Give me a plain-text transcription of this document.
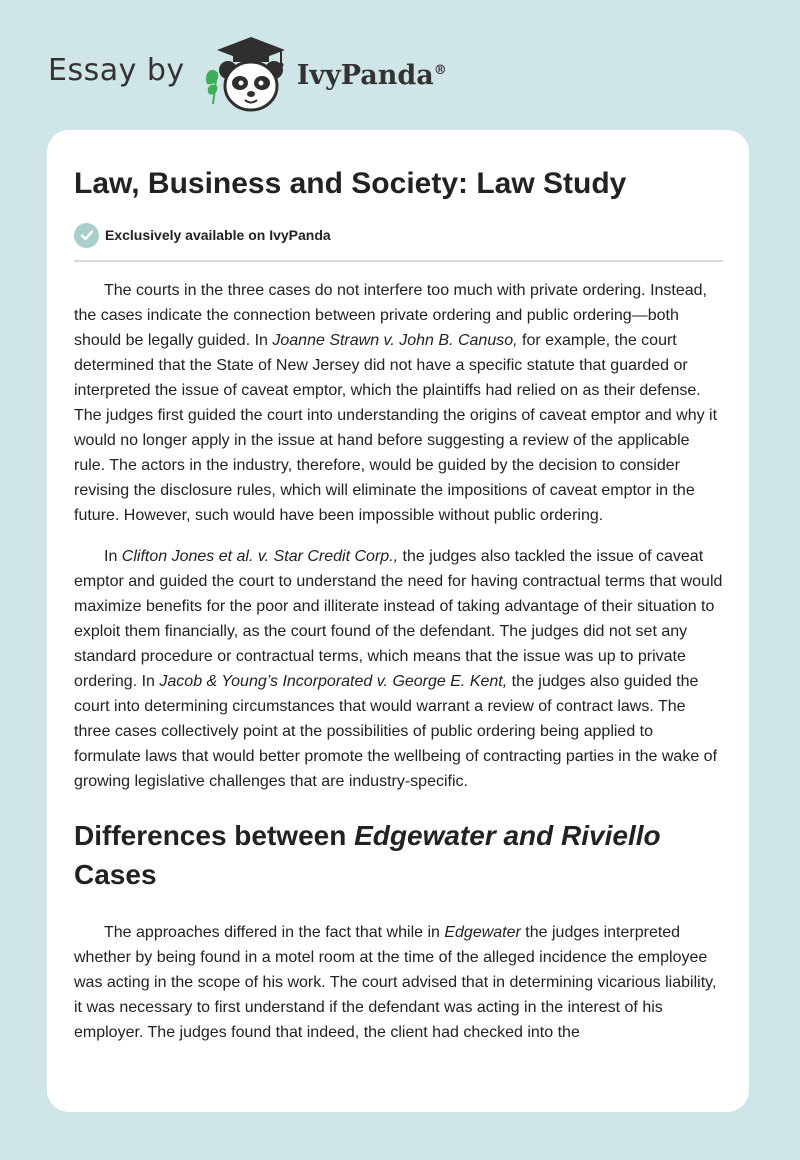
Essay by	IvyPanda®
Law, Business and Society: Law Study
Exclusively available on IvyPanda

The courts in the three cases do not interfere too much with private ordering. Instead, the cases indicate the connection between private ordering and public ordering—both should be legally guided. In Joanne Strawn v. John B. Canuso, for example, the court determined that the State of New Jersey did not have a specific statute that guarded or interpreted the issue of caveat emptor, which the plaintiffs had relied on as their defense. The judges first guided the court into understanding the origins of caveat emptor and why it would no longer apply in the issue at hand before suggesting a review of the applicable rule. The actors in the industry, therefore, would be guided by the decision to consider revising the disclosure rules, which will eliminate the impositions of caveat emptor in the future. However, such would have been impossible without public ordering.

In Clifton Jones et al. v. Star Credit Corp., the judges also tackled the issue of caveat emptor and guided the court to understand the need for having contractual terms that would maximize benefits for the poor and illiterate instead of taking advantage of their situation to exploit them financially, as the court found of the defendant. The judges did not set any standard procedure or contractual terms, which means that the issue was up to private ordering. In Jacob & Young’s Incorporated v. George E. Kent, the judges also guided the court into determining circumstances that would warrant a review of contract laws. The three cases collectively point at the possibilities of public ordering being applied to formulate laws that would better promote the wellbeing of contracting parties in the wake of growing legislative challenges that are industry-specific.

Differences between Edgewater and Riviello Cases

The approaches differed in the fact that while in Edgewater the judges interpreted whether by being found in a motel room at the time of the alleged incidence the employee was acting in the scope of his work. The court advised that in determining vicarious liability, it was necessary to first understand if the defendant was acting in the interest of his employer. The judges found that indeed, the client had checked into the
